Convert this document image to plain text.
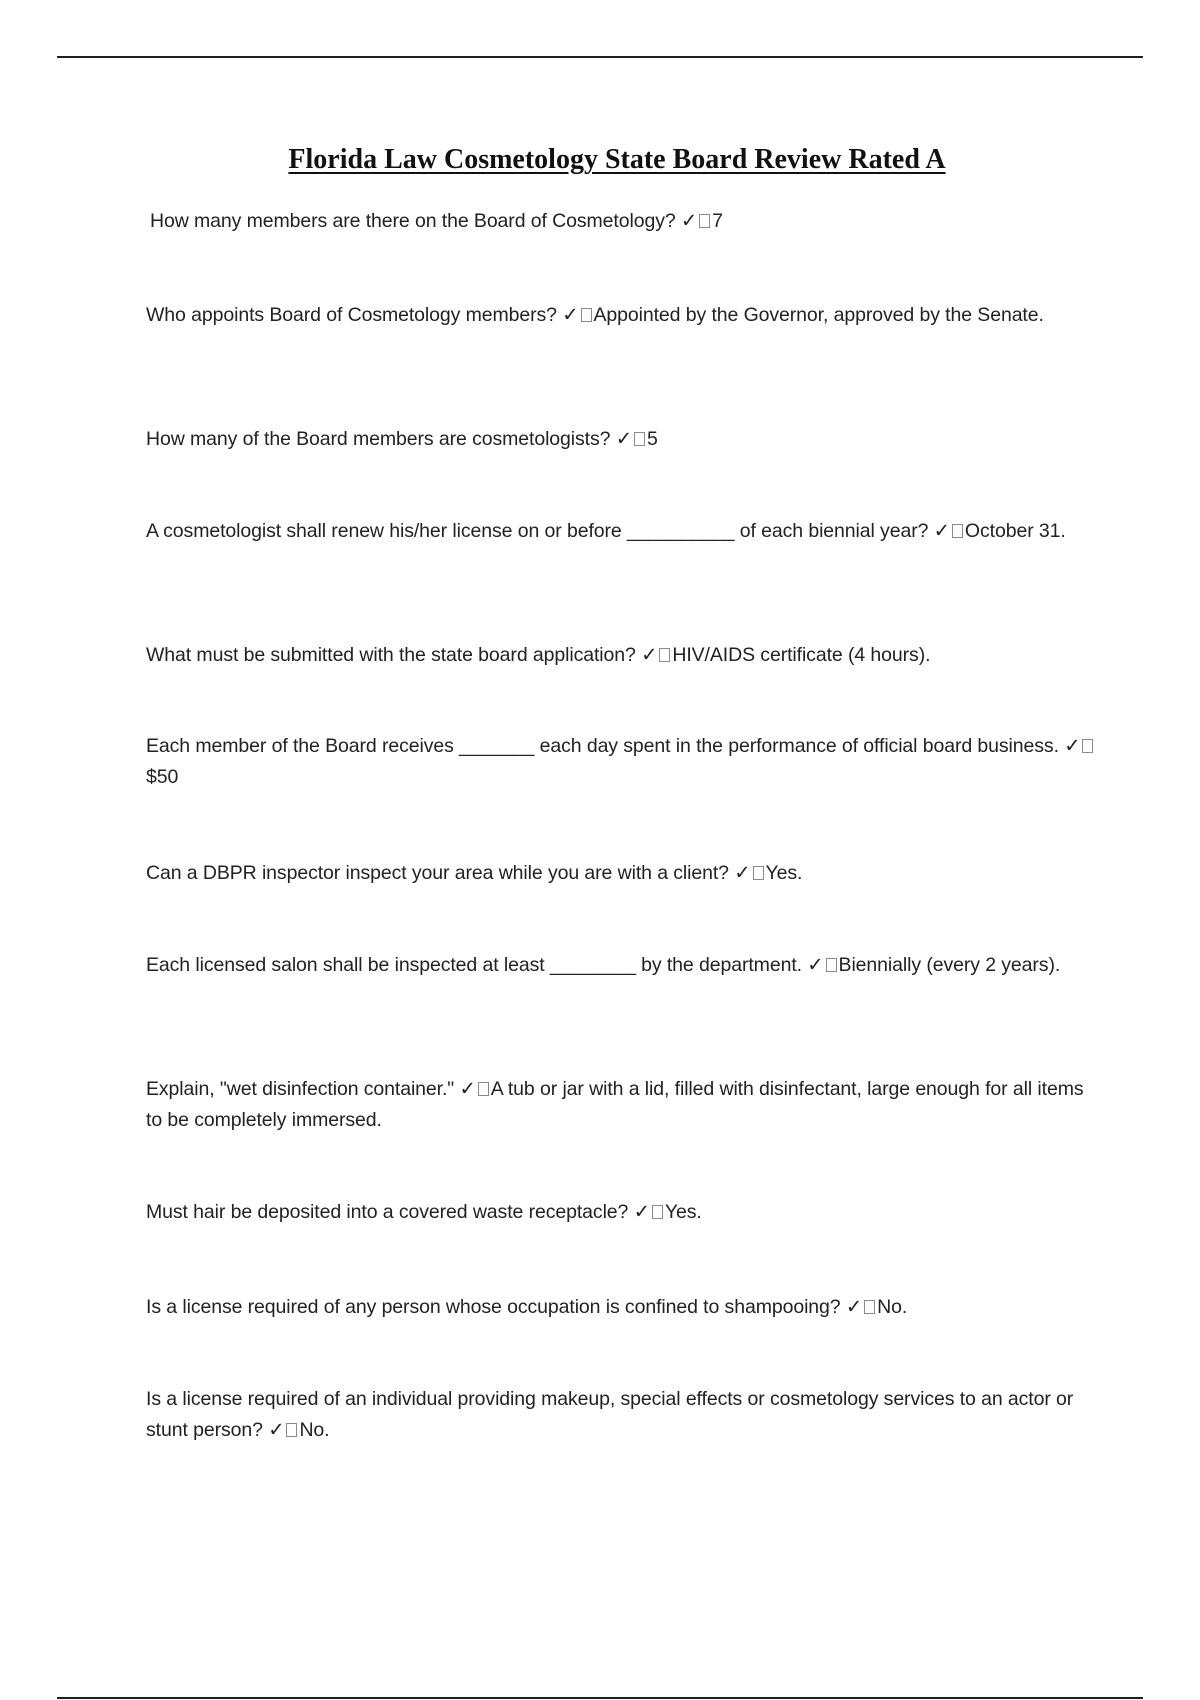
Florida Law Cosmetology State Board Review Rated A

How many members are there on the Board of Cosmetology? ✓ 7

Who appoints Board of Cosmetology members? ✓ Appointed by the Governor, approved by the Senate.

How many of the Board members are cosmetologists? ✓ 5

A cosmetologist shall renew his/her license on or before __________ of each biennial year? ✓ October 31.

What must be submitted with the state board application? ✓ HIV/AIDS certificate (4 hours).

Each member of the Board receives _______ each day spent in the performance of official board business. ✓$50

Can a DBPR inspector inspect your area while you are with a client? ✓ Yes.

Each licensed salon shall be inspected at least ________ by the department. ✓ Biennially (every 2 years).

Explain, "wet disinfection container." ✓ A tub or jar with a lid, filled with disinfectant, large enough for all items to be completely immersed.

Must hair be deposited into a covered waste receptacle? ✓ Yes.

Is a license required of any person whose occupation is confined to shampooing? ✓ No.

Is a license required of an individual providing makeup, special effects or cosmetology services to an actor or stunt person? ✓ No.
